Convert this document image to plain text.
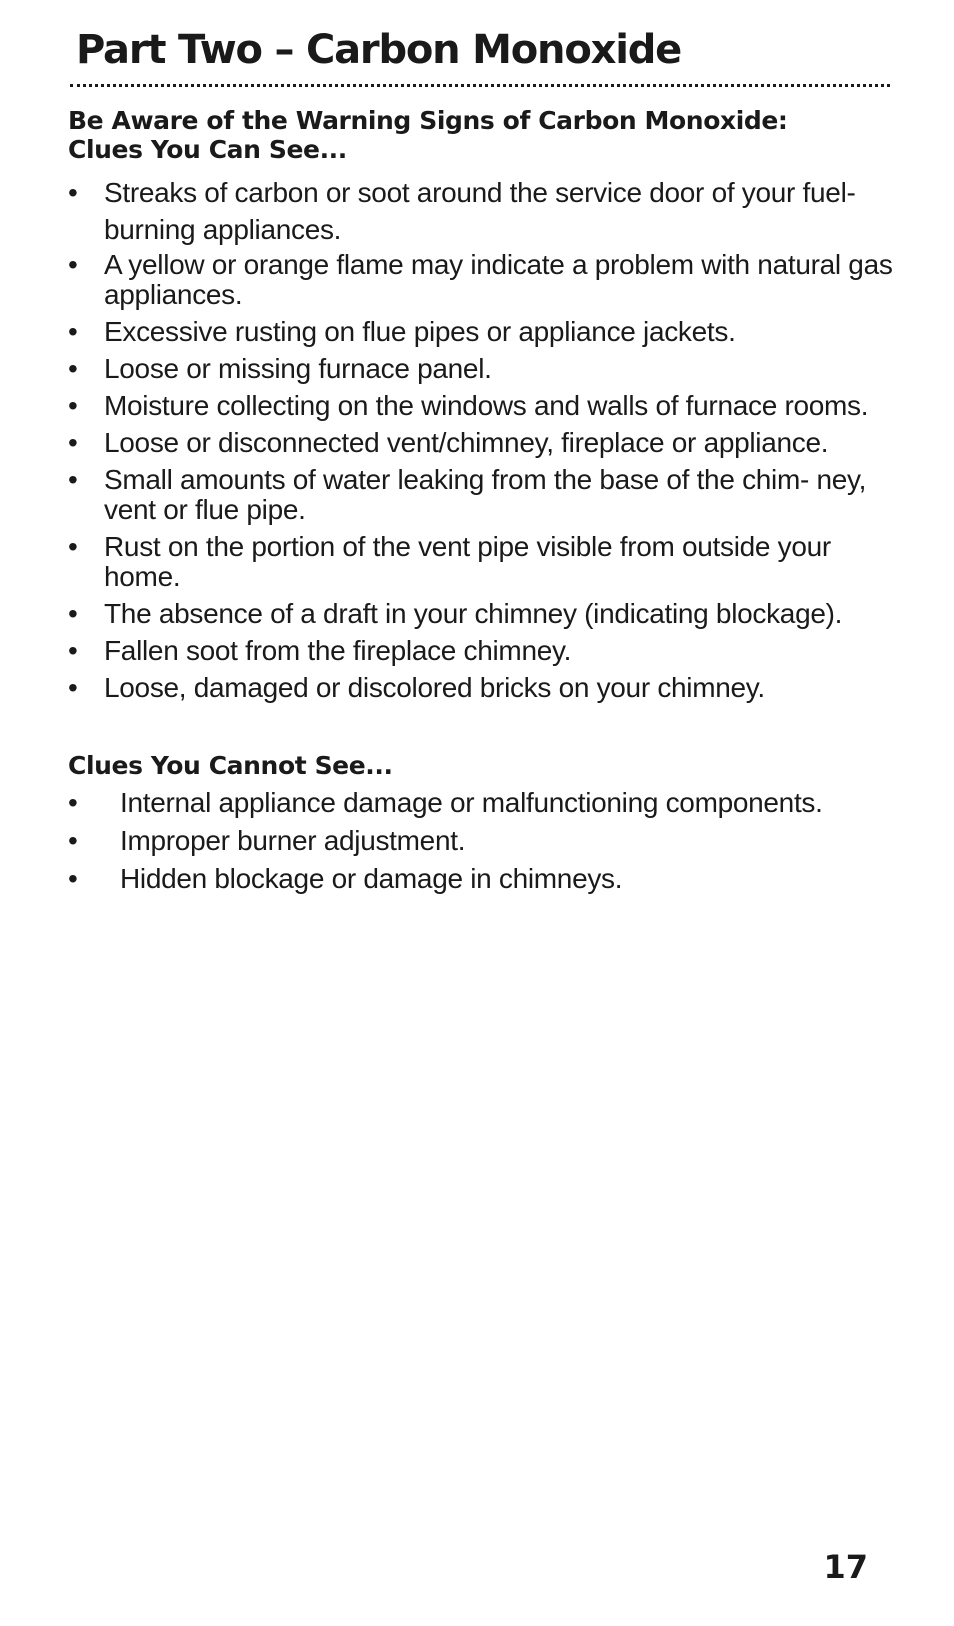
Part Two – Carbon Monoxide
Be Aware of the Warning Signs of Carbon Monoxide:
Clues You Can See...
• Streaks of carbon or soot around the service door of your fuel-burning appliances.
• A yellow or orange flame may indicate a problem with natural gas appliances.
• Excessive rusting on flue pipes or appliance jackets.
• Loose or missing furnace panel.
• Moisture collecting on the windows and walls of furnace rooms.
• Loose or disconnected vent/chimney, fireplace or appliance.
• Small amounts of water leaking from the base of the chim- ney, vent or flue pipe.
• Rust on the portion of the vent pipe visible from outside your home.
• The absence of a draft in your chimney (indicating blockage).
• Fallen soot from the fireplace chimney.
• Loose, damaged or discolored bricks on your chimney.
Clues You Cannot See...
• Internal appliance damage or malfunctioning components.
• Improper burner adjustment.
• Hidden blockage or damage in chimneys.
17
